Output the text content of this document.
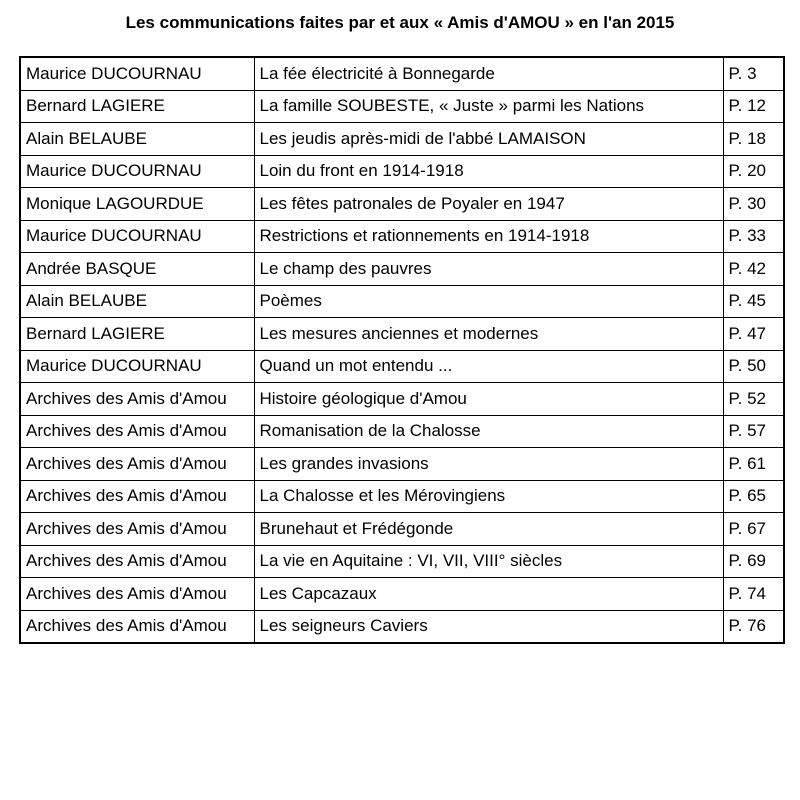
Les communications faites par et aux « Amis d'AMOU » en l'an 2015
Maurice DUCOURNAU	La fée électricité à Bonnegarde	P. 3
Bernard LAGIERE	La famille SOUBESTE, « Juste » parmi les Nations	P. 12
Alain BELAUBE	Les jeudis après-midi de l'abbé LAMAISON	P. 18
Maurice DUCOURNAU	Loin du front en 1914-1918	P. 20
Monique LAGOURDUE	Les fêtes patronales de Poyaler en 1947	P. 30
Maurice DUCOURNAU	Restrictions et rationnements en 1914-1918	P. 33
Andrée BASQUE	Le champ des pauvres	P. 42
Alain BELAUBE	Poèmes	P. 45
Bernard LAGIERE	Les mesures anciennes et modernes	P. 47
Maurice DUCOURNAU	Quand un mot entendu ...	P. 50
Archives des Amis d'Amou	Histoire géologique d'Amou	P. 52
Archives des Amis d'Amou	Romanisation de la Chalosse	P. 57
Archives des Amis d'Amou	Les grandes invasions	P. 61
Archives des Amis d'Amou	La Chalosse et les Mérovingiens	P. 65
Archives des Amis d'Amou	Brunehaut et Frédégonde	P. 67
Archives des Amis d'Amou	La vie en Aquitaine : VI, VII, VIII° siècles	P. 69
Archives des Amis d'Amou	Les Capcazaux	P. 74
Archives des Amis d'Amou	Les seigneurs Caviers	P. 76
